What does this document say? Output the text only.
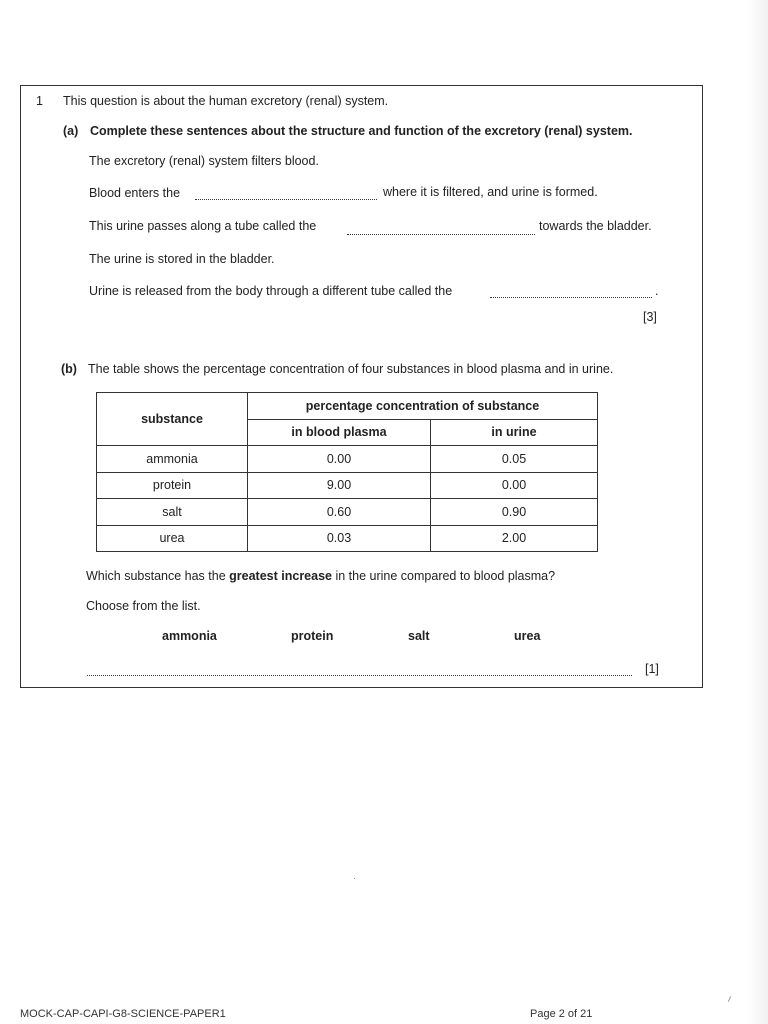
1 This question is about the human excretory (renal) system.
(a) Complete these sentences about the structure and function of the excretory (renal) system.
The excretory (renal) system filters blood.
Blood enters the	where it is filtered, and urine is formed.
This urine passes along a tube called the	towards the bladder.
The urine is stored in the bladder.
Urine is released from the body through a different tube called the	.
[3]
(b) The table shows the percentage concentration of four substances in blood plasma and in urine.
substance	percentage concentration of substance	
	in blood plasma	in urine
ammonia	0.00	0.05
protein	9.00	0.00
salt	0.60	0.90
urea	0.03	2.00
Which substance has the greatest increase in the urine compared to blood plasma?
Choose from the list.
ammonia	protein	salt	urea
[1]
MOCK-CAP-CAPI-G8-SCIENCE-PAPER1	Page 2 of 21
